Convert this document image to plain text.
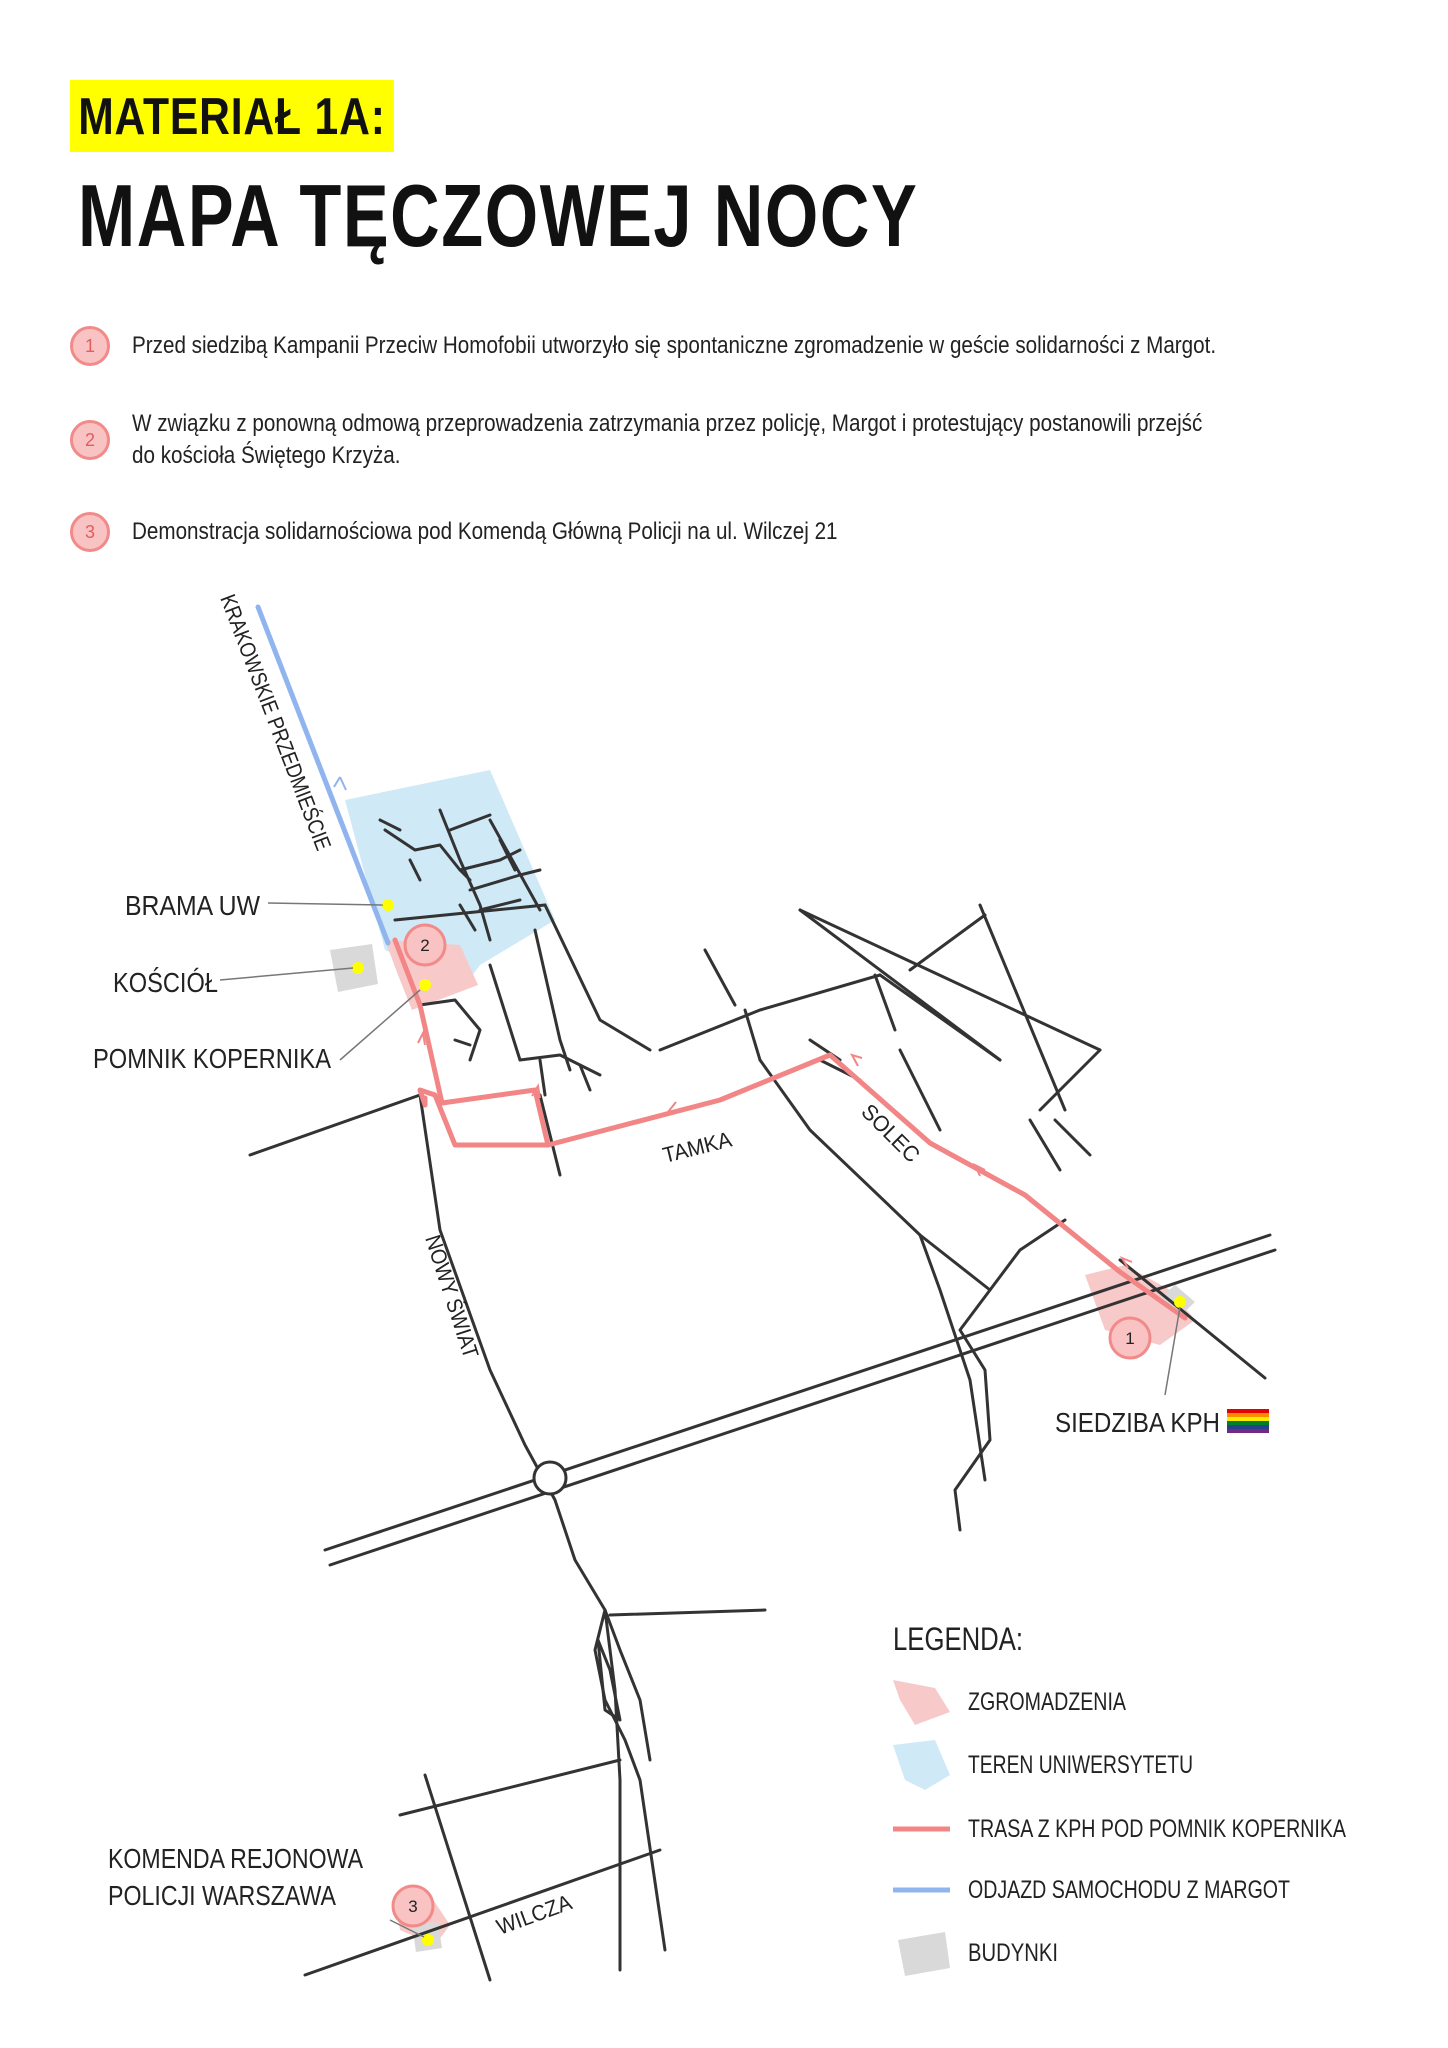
MATERIAŁ 1A:
MAPA TĘCZOWEJ NOCY
1	Przed siedzibą Kampanii Przeciw Homofobii utworzyło się spontaniczne zgromadzenie w geście solidarności z Margot.
2
W związku z ponowną odmową przeprowadzenia zatrzymania przez policję, Margot i protestujący postanowili przejść
do kościoła Świętego Krzyża.
3	Demonstracja solidarnościowa pod Komendą Główną Policji na ul. Wilczej 21
1
2
3
BRAMA UW
KOŚCIÓŁ
POMNIK KOPERNIKA
SIEDZIBA KPH
KOMENDA REJONOWA
POLICJI WARSZAWA
KRAKOWSKIE PRZEDMIEŚCIE
NOWY ŚWIAT
TAMKA	SOLEC
WILCZA
LEGENDA:
ZGROMADZENIA
TEREN UNIWERSYTETU
TRASA Z KPH POD POMNIK KOPERNIKA
ODJAZD SAMOCHODU Z MARGOT
BUDYNKI
